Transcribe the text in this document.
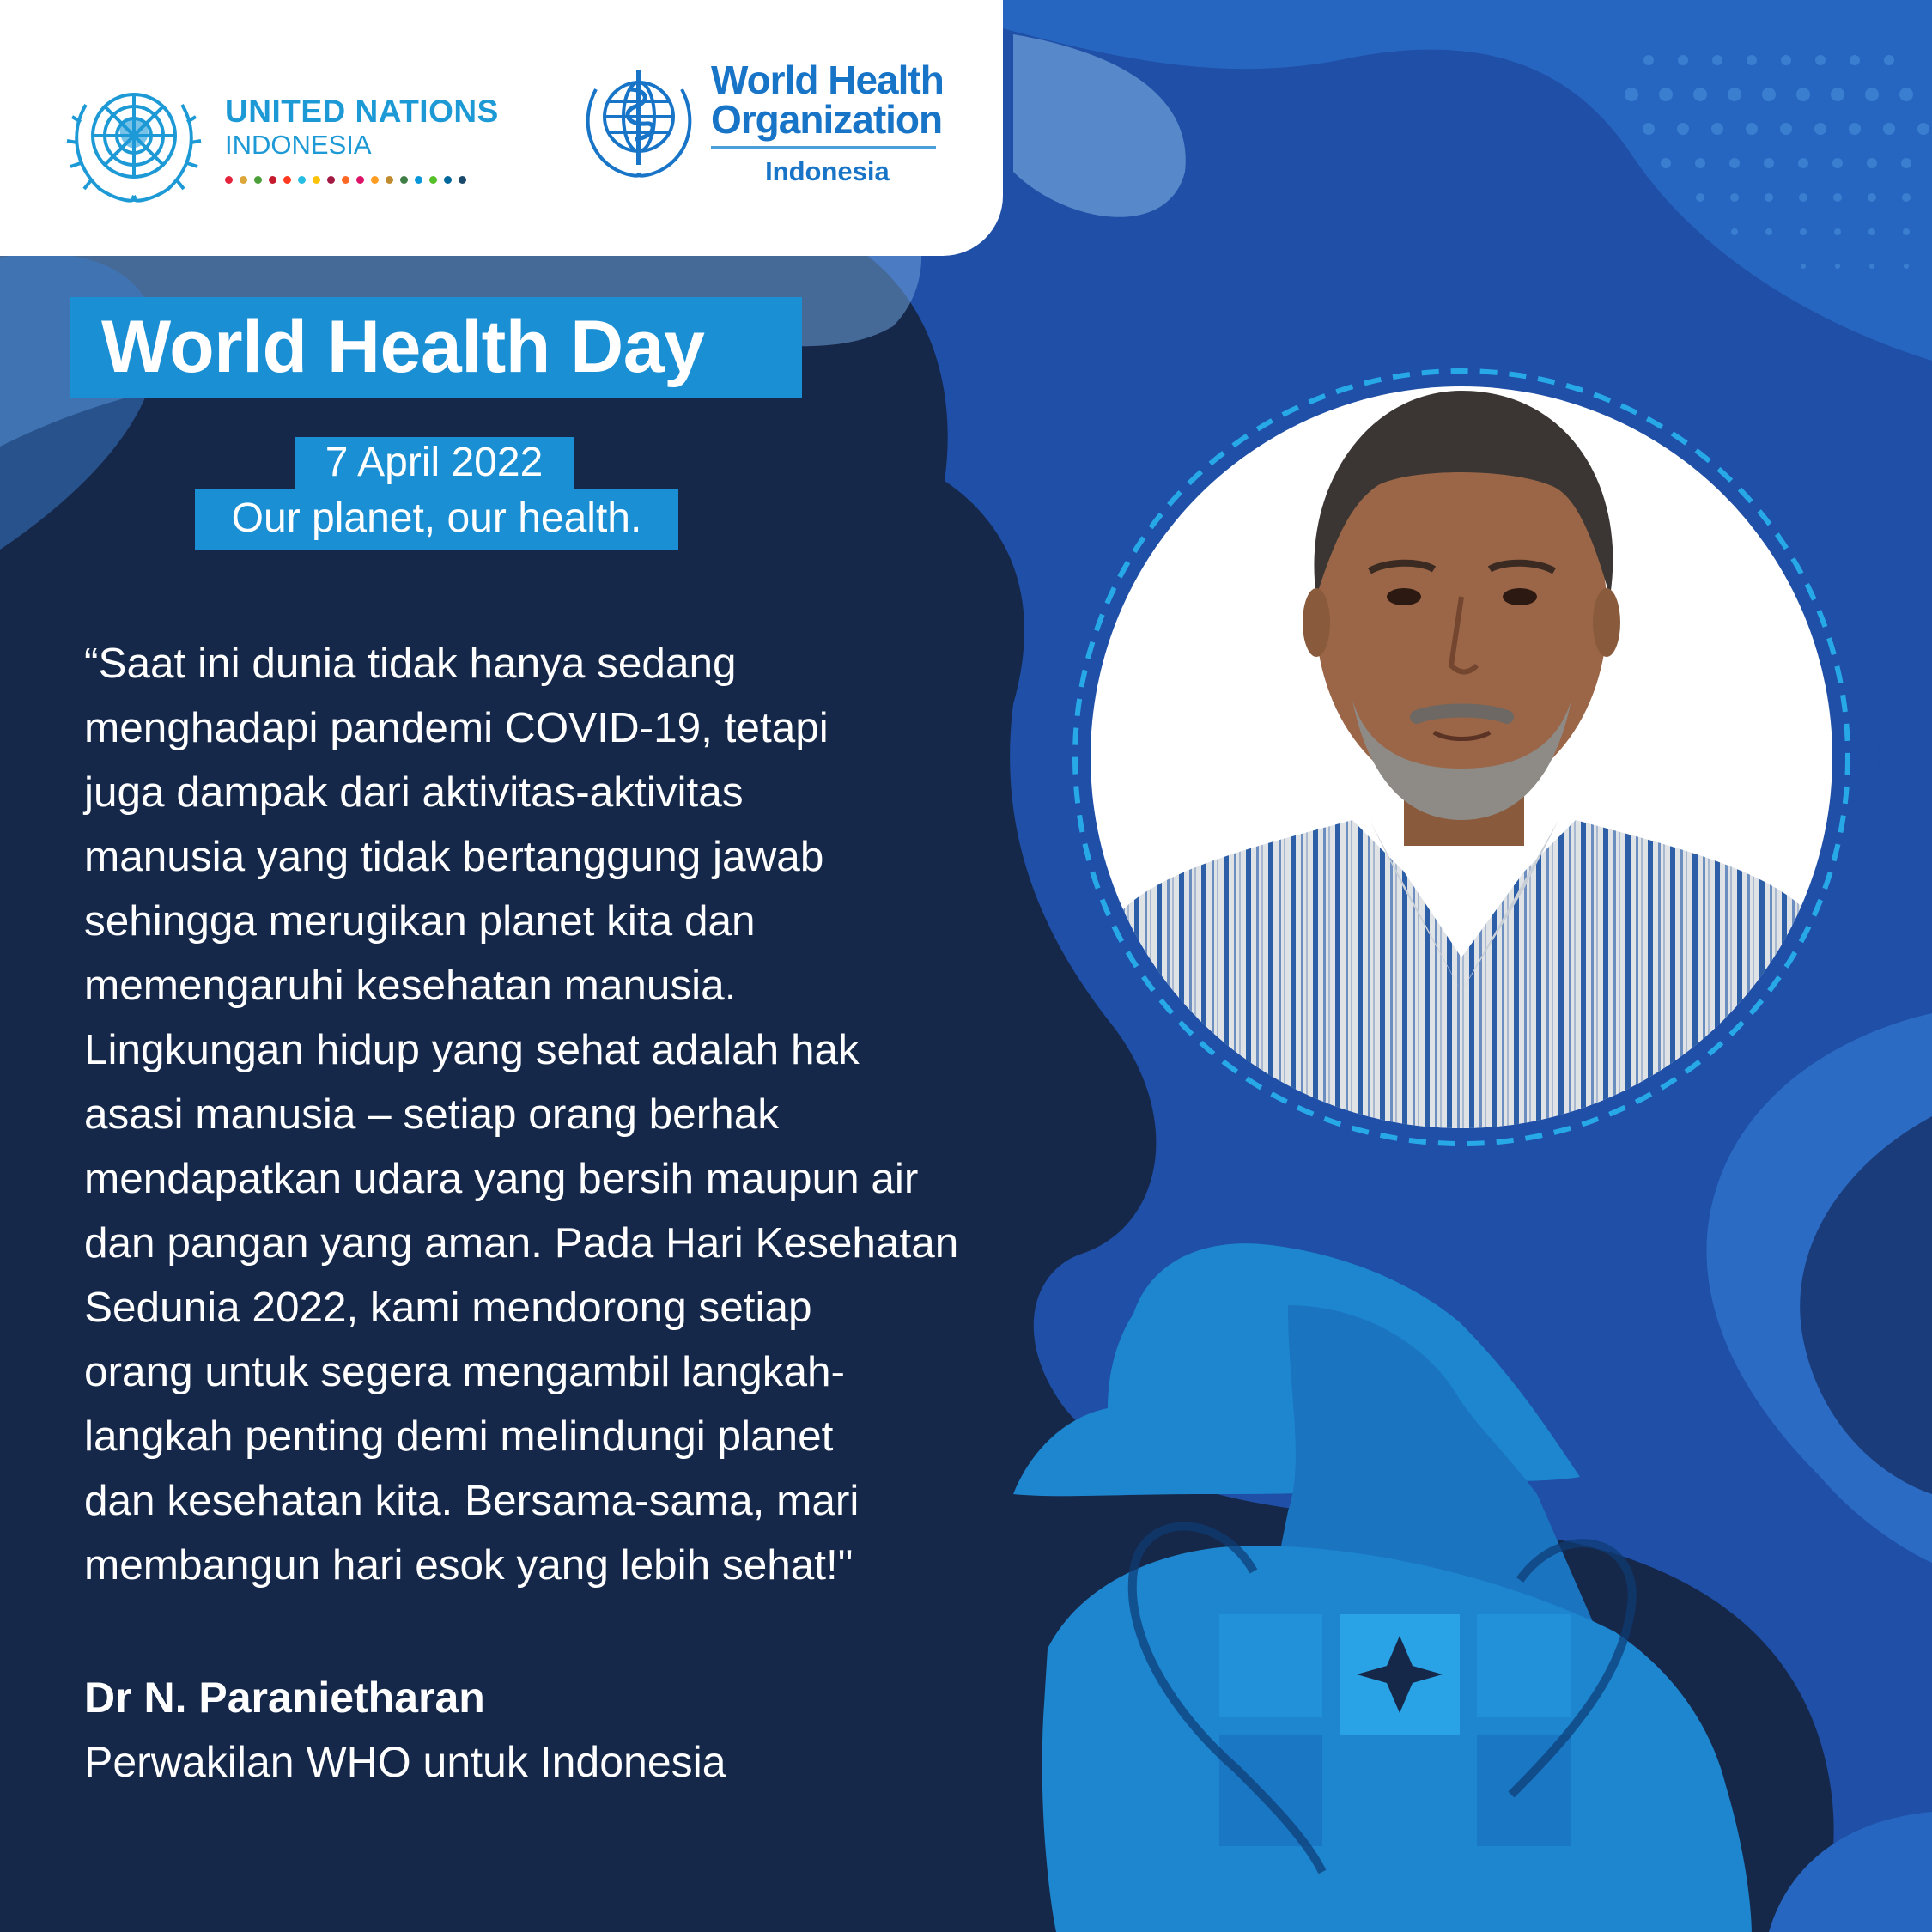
UNITED NATIONS
INDONESIA
World Health
Organization
Indonesia
World Health Day
7 April 2022
Our planet, our health.
“Saat ini dunia tidak hanya sedang
menghadapi pandemi COVID-19, tetapi
juga dampak dari aktivitas-aktivitas
manusia yang tidak bertanggung jawab
sehingga merugikan planet kita dan
memengaruhi kesehatan manusia.
Lingkungan hidup yang sehat adalah hak
asasi manusia – setiap orang berhak
mendapatkan udara yang bersih maupun air
dan pangan yang aman. Pada Hari Kesehatan
Sedunia 2022, kami mendorong setiap
orang untuk segera mengambil langkah-
langkah penting demi melindungi planet
dan kesehatan kita. Bersama-sama, mari
membangun hari esok yang lebih sehat!"
Dr N. Paranietharan
Perwakilan WHO untuk Indonesia
